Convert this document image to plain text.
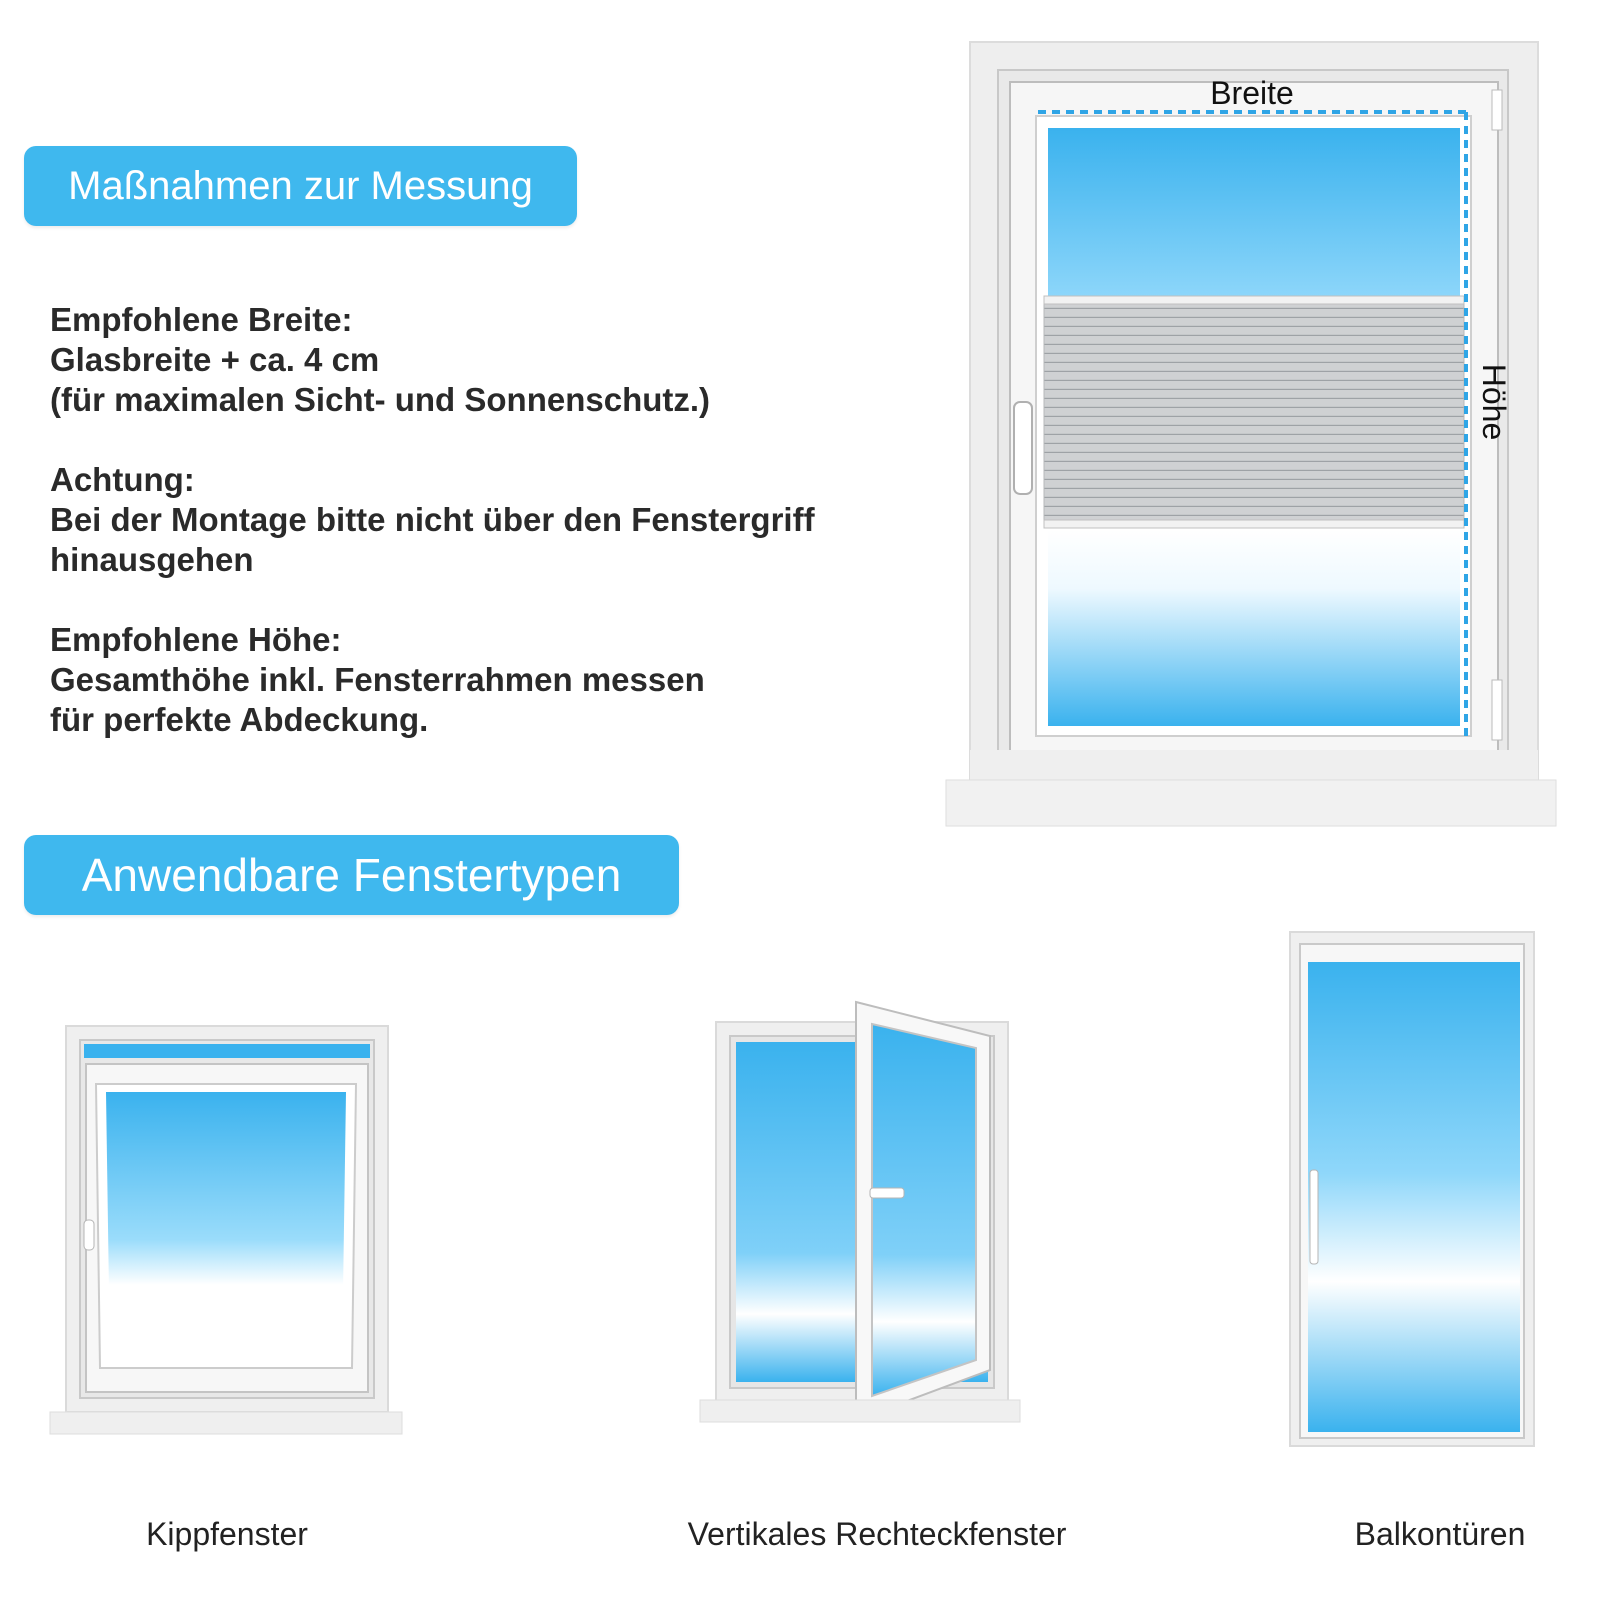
Maßnahmen zur Messung
Anwendbare Fenstertypen
Empfohlene Breite:
Glasbreite + ca. 4 cm
(für maximalen Sicht- und Sonnenschutz.)
Achtung:
Bei der Montage bitte nicht über den Fenstergriff
hinausgehen
Empfohlene Höhe:
Gesamthöhe inkl. Fensterrahmen messen
für perfekte Abdeckung.
Breite
Höhe
Kippfenster	Vertikales Rechteckfenster	Balkontüren
